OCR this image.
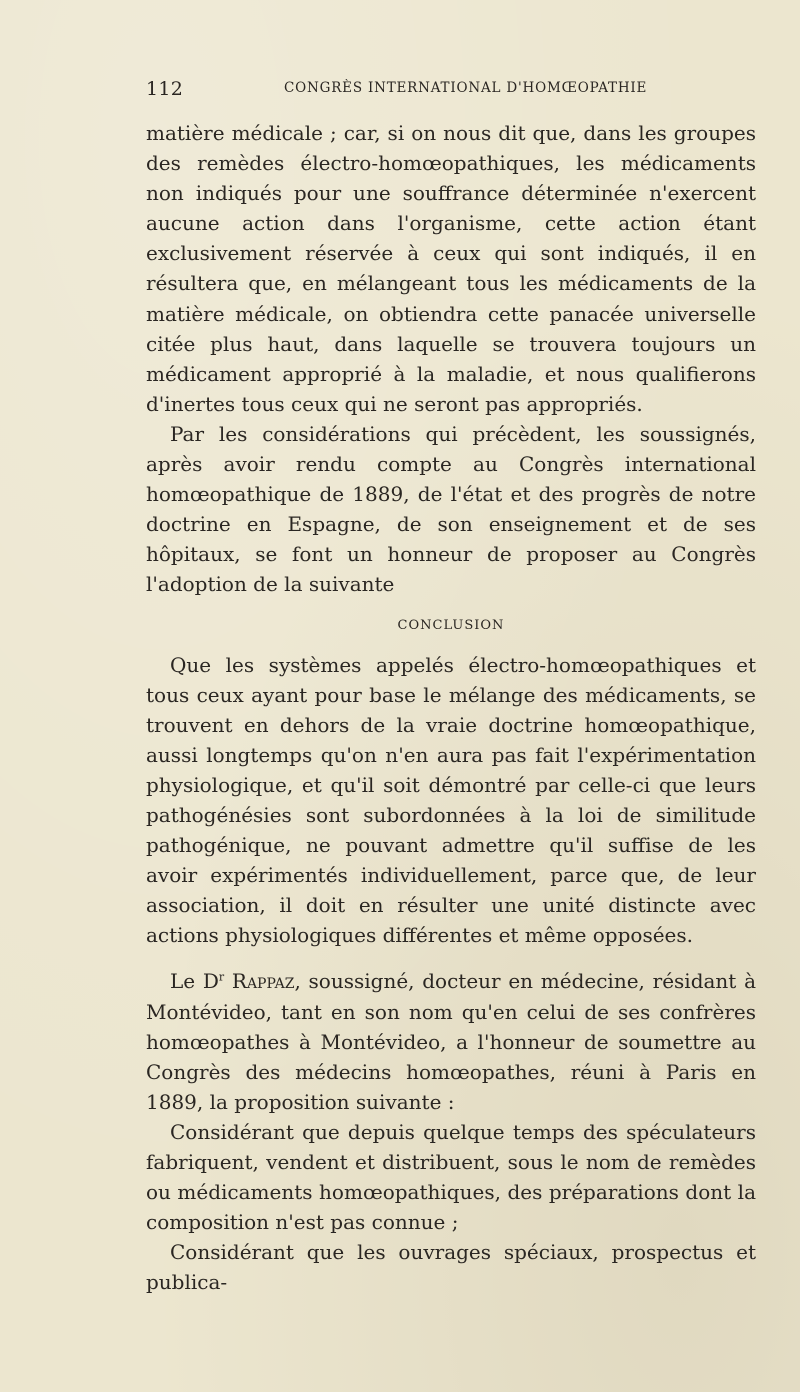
112	CONGRÈS INTERNATIONAL D'HOMŒOPATHIE

matière médicale ; car, si on nous dit que, dans les groupes des remèdes électro-homœopathiques, les médicaments non indiqués pour une souffrance déterminée n'exercent aucune action dans l'organisme, cette action étant exclusivement réservée à ceux qui sont indiqués, il en résultera que, en mélangeant tous les médicaments de la matière médicale, on obtiendra cette panacée universelle citée plus haut, dans laquelle se trouvera toujours un médicament approprié à la maladie, et nous qualifierons d'inertes tous ceux qui ne seront pas appropriés.

Par les considérations qui précèdent, les soussignés, après avoir rendu compte au Congrès international homœopathique de 1889, de l'état et des progrès de notre doctrine en Espagne, de son enseignement et de ses hôpitaux, se font un honneur de proposer au Congrès l'adoption de la suivante

CONCLUSION

Que les systèmes appelés électro-homœopathiques et tous ceux ayant pour base le mélange des médicaments, se trouvent en dehors de la vraie doctrine homœopathique, aussi longtemps qu'on n'en aura pas fait l'expérimentation physiologique, et qu'il soit démontré par celle-ci que leurs pathogénésies sont subordonnées à la loi de similitude pathogénique, ne pouvant admettre qu'il suffise de les avoir expérimentés individuellement, parce que, de leur association, il doit en résulter une unité distincte avec actions physiologiques différentes et même opposées.

Le $D^r$ Rappaz, soussigné, docteur en médecine, résidant à Montévideo, tant en son nom qu'en celui de ses confrères homœopathes à Montévideo, a l'honneur de soumettre au Congrès des médecins homœopathes, réuni à Paris en 1889, la proposition suivante :

Considérant que depuis quelque temps des spéculateurs fabriquent, vendent et distribuent, sous le nom de remèdes ou médicaments homœopathiques, des préparations dont la composition n'est pas connue ;

Considérant que les ouvrages spéciaux, prospectus et publica-
